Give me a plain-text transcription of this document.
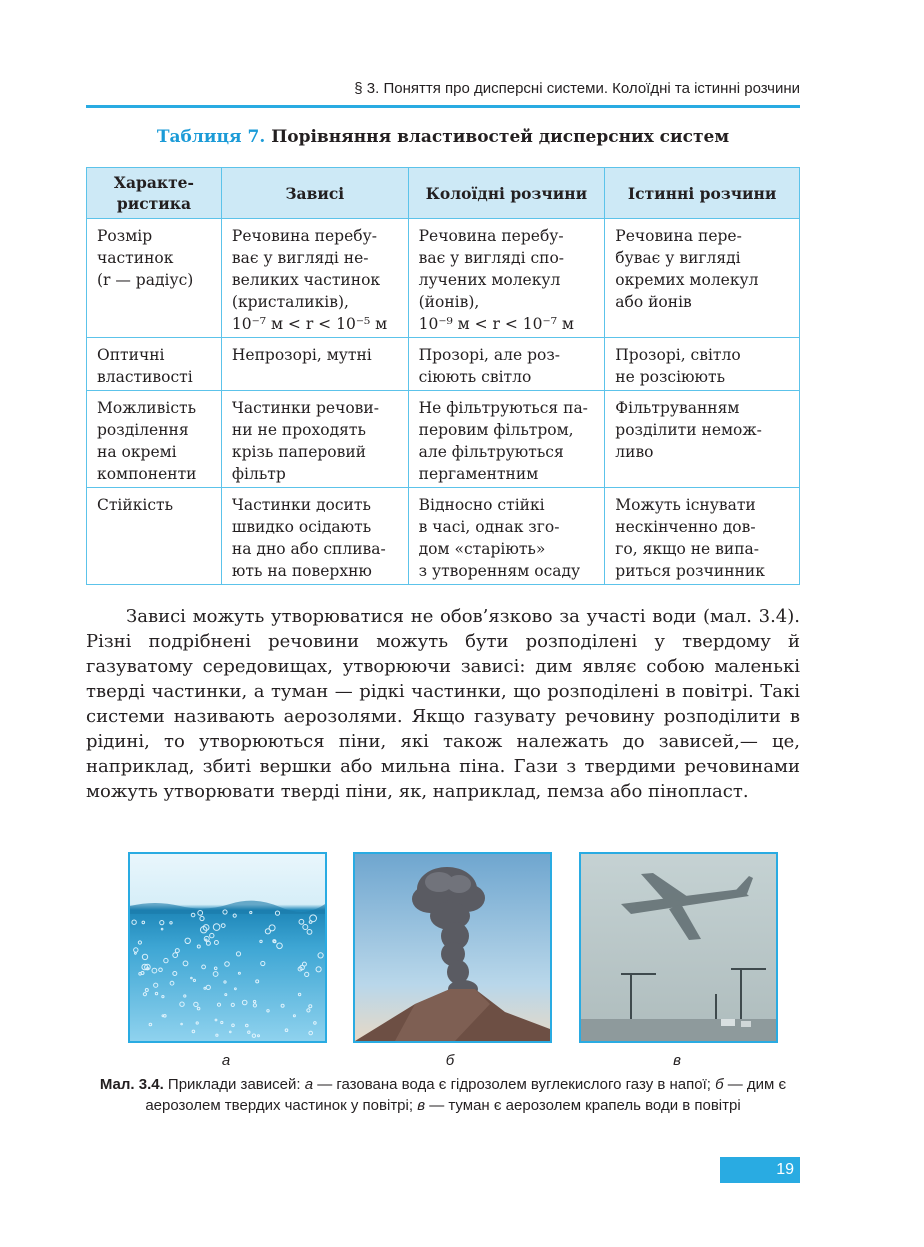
§ 3. Поняття про дисперсні системи. Колоїдні та істинні розчини
Таблиця 7. Порівняння властивостей дисперсних систем
Характе-
ристика	Зависі	Колоїдні розчини	Істинні розчини
Розмір
частинок
(r — радіус)	Речовина перебу-
ває у вигляді не-
великих частинок
(кристаликів),
10⁻⁷ м < r < 10⁻⁵ м	Речовина перебу-
ває у вигляді спо-
лучених молекул
(йонів),
10⁻⁹ м < r < 10⁻⁷ м	Речовина пере-
буває у вигляді
окремих молекул
або йонів
Оптичні
властивості	Непрозорі, мутні	Прозорі, але роз-
сіюють світло	Прозорі, світло
не розсіюють
Можливість
розділення
на окремі
компоненти	Частинки речови-
ни не проходять
крізь паперовий
фільтр	Не фільтруються па-
перовим фільтром,
але фільтруються
пергаментним	Фільтруванням
розділити немож-
ливо
Стійкість	Частинки досить
швидко осідають
на дно або сплива-
ють на поверхню	Відносно стійкі
в часі, однак зго-
дом «старіють»
з утворенням осаду	Можуть існувати
нескінченно дов-
го, якщо не випа-
риться розчинник

Зависі можуть утворюватися не обов’язково за участі води (мал. 3.4). Різні подрібнені речовини можуть бути розподілені у твердому й газуватому середовищах, утворюючи зависі: дим являє собою маленькі тверді частинки, а туман — рідкі частинки, що розподілені в повітрі. Такі системи називають аерозолями. Якщо газувату речовину розподілити в рідині, то утворюються піни, які також належать до зависей,— це, наприклад, збиті вершки або мильна піна. Гази з твердими речовинами можуть утворювати тверді піни, як, наприклад, пемза або пінопласт.

а	б	в
Мал. 3.4. Приклади зависей: а — газована вода є гідрозолем вуглекислого газу в напої; б — дим є аерозолем твердих частинок у повітрі; в — туман є аерозолем крапель води в повітрі
19
